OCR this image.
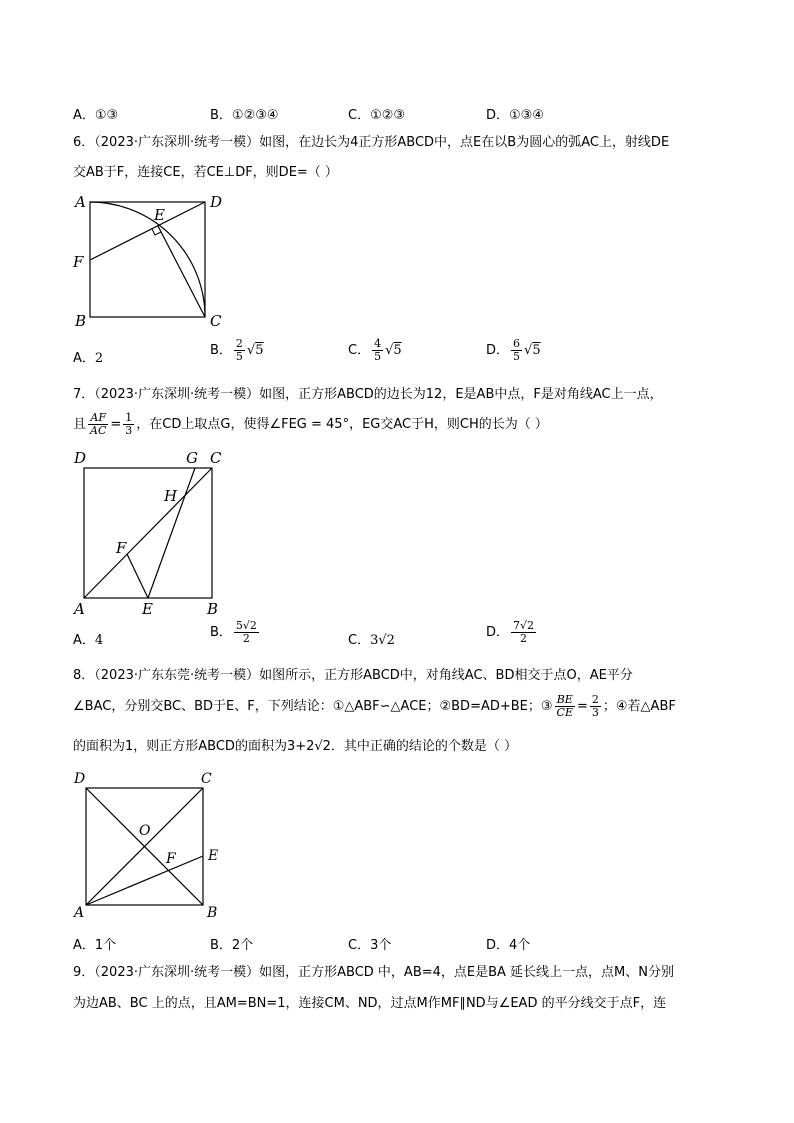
A．①③	B．①②③④	C．①②③	D．①③④
6．（2023·广东深圳·统考一模）如图，在边长为4正方形ABCD中，点E在以B为圆心的弧AC上，射线DE
交AB于F，连接CE，若CE⊥DF，则DE=（ ）
A	D
E
F
B	C
A．2
B． $\frac{2}{5} √5$	C． $\frac{4}{5} √5$	D． $\frac{6}{5} √5$
7．（2023·广东深圳·统考一模）如图，正方形ABCD的边长为12，E是AB中点，F是对角线AC上一点，
且 $\frac{AF}{AC} = \frac{1}{3}$ ，在CD上取点G，使得∠FEG = 45°，EG交AC于H，则CH的长为（ ）
D	G C
H
F
A	E	B
A．4
B． $\frac{5√2}{2}$	C．3√2
D． $\frac{7√2}{2}$
8．（2023·广东东莞·统考一模）如图所示，正方形ABCD中，对角线AC、BD相交于点O，AE平分
∠BAC，分别交BC、BD于E、F，下列结论：①△ABF∽△ACE；②BD=AD+BE；③ $\frac{BE}{CE} = \frac{2}{3}$ ；④若△ABF
的面积为1，则正方形ABCD的面积为3+2√2．其中正确的结论的个数是（ ）
D	C
O
F E
A	B
A．1个	B．2个	C．3个	D．4个
9．（2023·广东深圳·统考一模）如图，正方形ABCD 中，AB=4，点E是BA 延长线上一点，点M、N分别
为边AB、BC 上的点，且AM=BN=1，连接CM、ND，过点M作MF∥ND与∠EAD 的平分线交于点F，连
